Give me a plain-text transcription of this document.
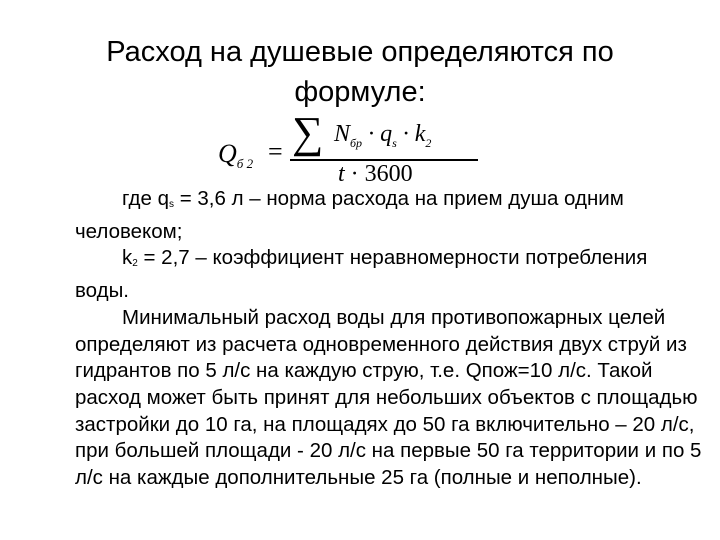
Расход на душевые определяются по
формуле:
$Q_{б 2}$ = ∑ $N_{бр} \cdot q_s \cdot k_2$
t · 3600

где qs = 3,6 л – норма расхода на прием душа одним человеком;

k2 = 2,7 – коэффициент неравномерности потребления воды.

Минимальный расход воды для противопожарных целей определяют из расчета одновременного действия двух струй из гидрантов по 5 л/с на каждую струю, т.е. Qпож=10 л/с. Такой расход может быть принят для небольших объектов с площадью застройки до 10 га, на площадях до 50 га включительно – 20 л/с, при большей площади - 20 л/с на первые 50 га территории и по 5 л/с на каждые дополнительные 25 га (полные и неполные).
